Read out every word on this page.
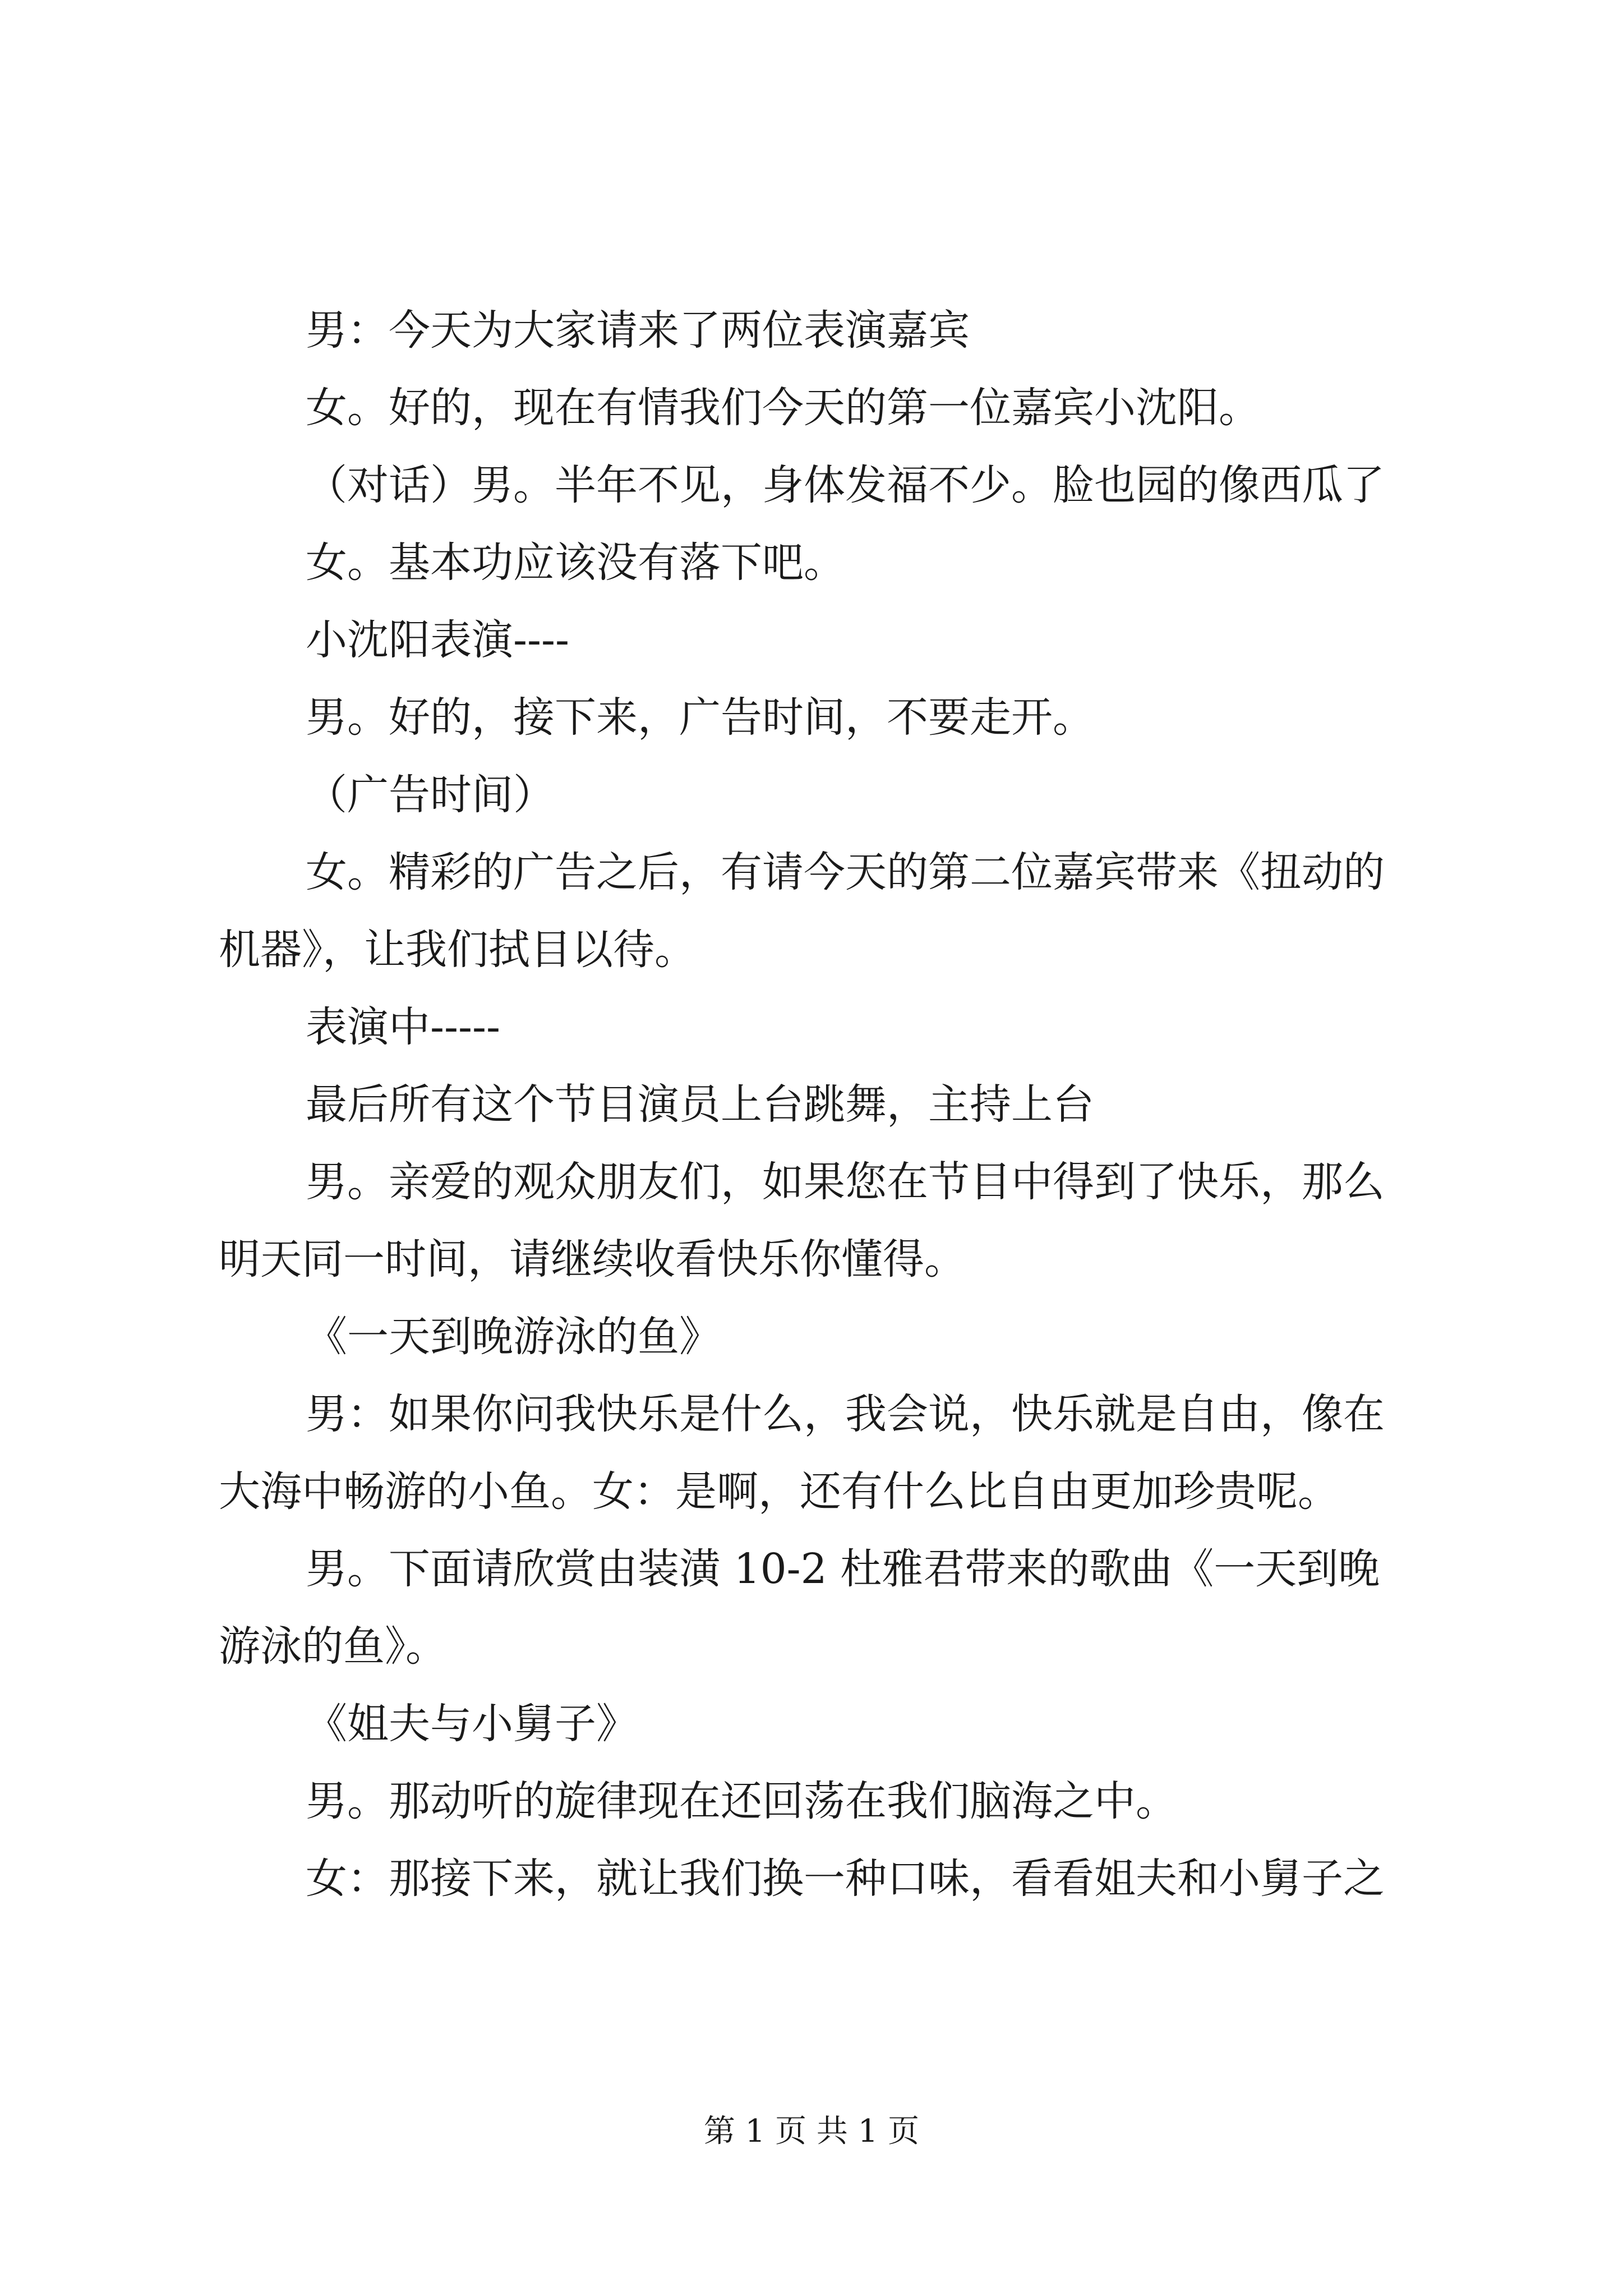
男：今天为大家请来了两位表演嘉宾
女。好的，现在有情我们今天的第一位嘉宾小沈阳。
（对话）男。半年不见，身体发福不少。脸也园的像西瓜了
女。基本功应该没有落下吧。
小沈阳表演----
男。好的，接下来，广告时间，不要走开。
（广告时间）
女。精彩的广告之后，有请今天的第二位嘉宾带来《扭动的
机器》，让我们拭目以待。
表演中-----
最后所有这个节目演员上台跳舞，主持上台
男。亲爱的观众朋友们，如果您在节目中得到了快乐，那么
明天同一时间，请继续收看快乐你懂得。
《一天到晚游泳的鱼》
男：如果你问我快乐是什么，我会说，快乐就是自由，像在
大海中畅游的小鱼。女：是啊，还有什么比自由更加珍贵呢。
男。下面请欣赏由装潢 10-2 杜雅君带来的歌曲《一天到晚
游泳的鱼》。
《姐夫与小舅子》
男。那动听的旋律现在还回荡在我们脑海之中。
女：那接下来，就让我们换一种口味，看看姐夫和小舅子之
第 1 页 共 1 页
